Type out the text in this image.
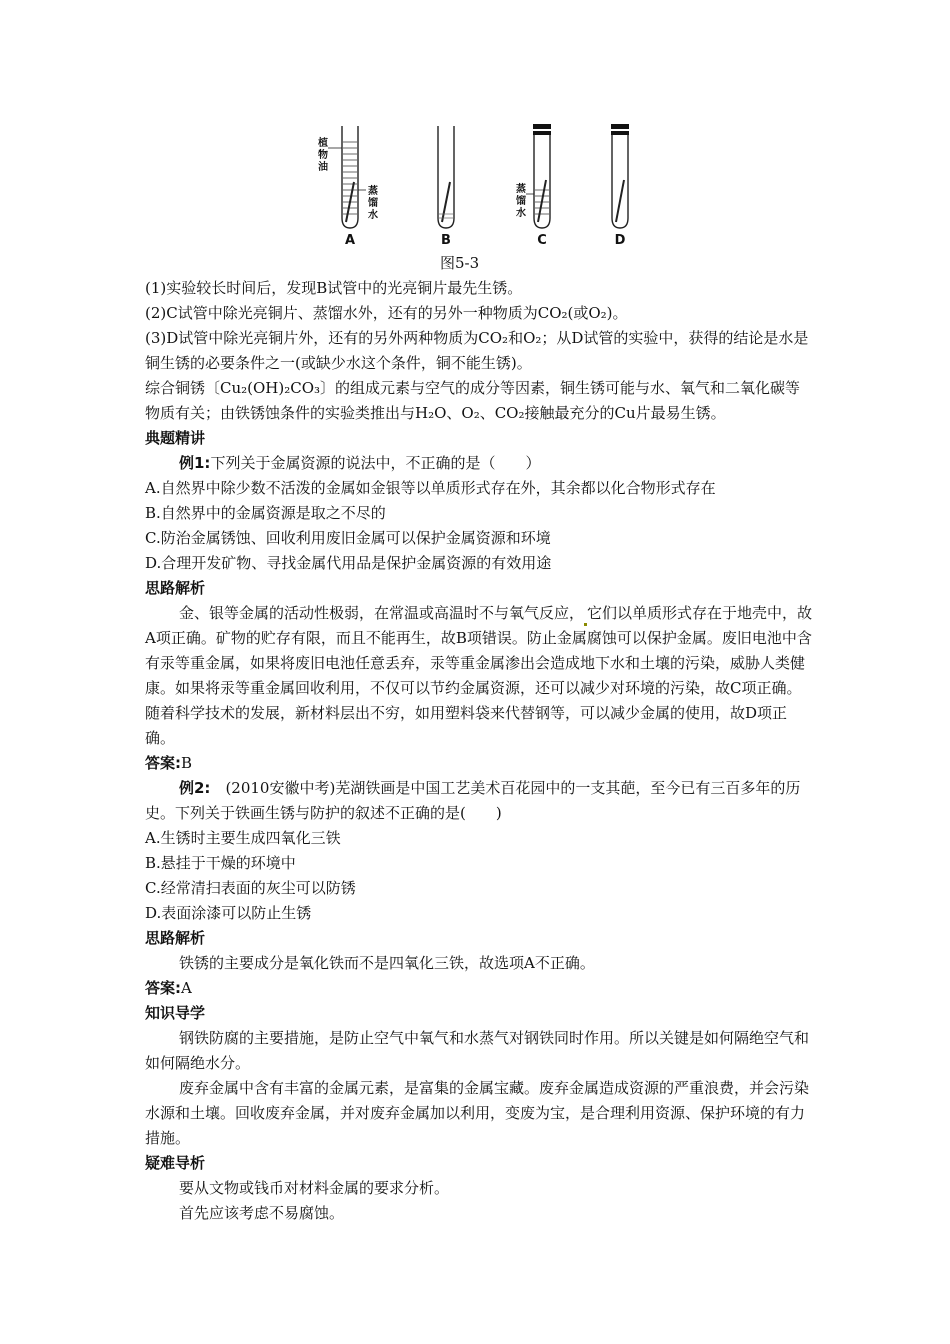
植
物
油
蒸
馏
水
蒸
馏
水
A	B	C	D
图5-3

(1)实验较长时间后，发现B试管中的光亮铜片最先生锈。

(2)C试管中除光亮铜片、蒸馏水外，还有的另外一种物质为CO₂(或O₂)。

(3)D试管中除光亮铜片外，还有的另外两种物质为CO₂和O₂；从D试管的实验中，获得的结论是水是铜生锈的必要条件之一(或缺少水这个条件，铜不能生锈)。

综合铜锈〔Cu₂(OH)₂CO₃〕的组成元素与空气的成分等因素，铜生锈可能与水、氧气和二氧化碳等物质有关；由铁锈蚀条件的实验类推出与H₂O、O₂、CO₂接触最充分的Cu片最易生锈。

典题精讲

例1:下列关于金属资源的说法中，不正确的是（　　）

A.自然界中除少数不活泼的金属如金银等以单质形式存在外，其余都以化合物形式存在

B.自然界中的金属资源是取之不尽的

C.防治金属锈蚀、回收利用废旧金属可以保护金属资源和环境

D.合理开发矿物、寻找金属代用品是保护金属资源的有效用途

思路解析

金、银等金属的活动性极弱，在常温或高温时不与氧气反应， 它们以单质形式存在于地壳中，故A项正确。矿物的贮存有限，而且不能再生，故B项错误。防止金属腐蚀可以保护金属。废旧电池中含有汞等重金属，如果将废旧电池任意丢弃，汞等重金属渗出会造成地下水和土壤的污染，威胁人类健康。如果将汞等重金属回收利用，不仅可以节约金属资源，还可以减少对环境的污染，故C项正确。随着科学技术的发展，新材料层出不穷，如用塑料袋来代替钢等，可以减少金属的使用，故D项正确。

答案:B

例2:　(2010安徽中考)芜湖铁画是中国工艺美术百花园中的一支其葩，至今已有三百多年的历史。下列关于铁画生锈与防护的叙述不正确的是(　　)

A.生锈时主要生成四氧化三铁

B.悬挂于干燥的环境中

C.经常清扫表面的灰尘可以防锈

D.表面涂漆可以防止生锈

思路解析

铁锈的主要成分是氧化铁而不是四氧化三铁，故选项A不正确。

答案:A

知识导学

钢铁防腐的主要措施，是防止空气中氧气和水蒸气对钢铁同时作用。所以关键是如何隔绝空气和如何隔绝水分。

废弃金属中含有丰富的金属元素，是富集的金属宝藏。废弃金属造成资源的严重浪费，并会污染水源和土壤。回收废弃金属，并对废弃金属加以利用，变废为宝，是合理利用资源、保护环境的有力措施。

疑难导析

要从文物或钱币对材料金属的要求分析。

首先应该考虑不易腐蚀。
